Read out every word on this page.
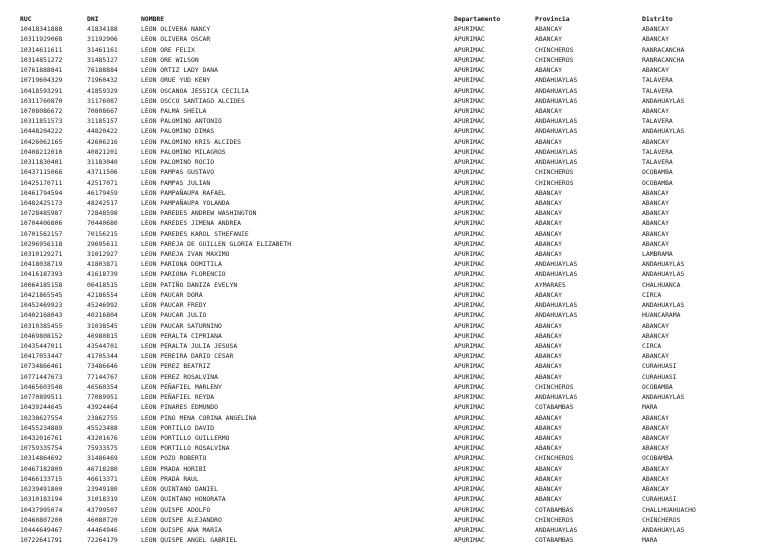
RUC	DNI	NOMBRE	Departamento	Provincia	Distrito
10418341888	41834188	LEON OLIVERA NANCY	APURIMAC	ABANCAY	ABANCAY
10311929068	31192906	LEON OLIVERA OSCAR	APURIMAC	ABANCAY	ABANCAY
10314611611	31461161	LEON ORE FELIX	APURIMAC	CHINCHEROS	RANRACANCHA
10314851272	31485127	LEON ORE WILSON	APURIMAC	CHINCHEROS	RANRACANCHA
10761888841	76188884	LEON ORTIZ LADY DANA	APURIMAC	ABANCAY	ABANCAY
10719604329	71960432	LEON ORUE YUD KENY	APURIMAC	ANDAHUAYLAS	TALAVERA
10418593291	41859329	LEON OSCANOA JESSICA CECILIA	APURIMAC	ANDAHUAYLAS	TALAVERA
10311760870	31176087	LEON OSCCO SANTIAGO ALCIDES	APURIMAC	ANDAHUAYLAS	ANDAHUAYLAS
10708086672	70808667	LEON PALMA SHEILA	APURIMAC	ABANCAY	ABANCAY
10311851573	31185157	LEON PALOMINO ANTONIO	APURIMAC	ANDAHUAYLAS	TALAVERA
10448204222	44820422	LEON PALOMINO DIMAS	APURIMAC	ANDAHUAYLAS	ANDAHUAYLAS
10426062165	42606216	LEON PALOMINO KRIS ALCIDES	APURIMAC	ABANCAY	ABANCAY
10408212010	40821201	LEON PALOMINO MILAGROS	APURIMAC	ANDAHUAYLAS	TALAVERA
10311830401	31183040	LEON PALOMINO ROCIO	APURIMAC	ANDAHUAYLAS	TALAVERA
10437115066	43711506	LEON PAMPAS GUSTAVO	APURIMAC	CHINCHEROS	OCOBAMBA
10425170711	42517071	LEON PAMPAS JULIAN	APURIMAC	CHINCHEROS	OCOBAMBA
10461794594	46179459	LEON PAMPAÑAUPA RAFAEL	APURIMAC	ABANCAY	ABANCAY
10482425173	48242517	LEON PAMPAÑAUPA YOLANDA	APURIMAC	ABANCAY	ABANCAY
10728485987	72848598	LEON PAREDES ANDREW WASHINGTON	APURIMAC	ABANCAY	ABANCAY
10704406806	70440680	LEON PAREDES JIMENA ANDREA	APURIMAC	ABANCAY	ABANCAY
10701562157	70156215	LEON PAREDES KAROL STHEFANIE	APURIMAC	ABANCAY	ABANCAY
10296956118	29695611	LEON PAREJA DE GUILLEN GLORIA ELIZABETH	APURIMAC	ABANCAY	ABANCAY
10310129271	31012927	LEON PAREJA IVAN MAXIMO	APURIMAC	ABANCAY	LAMBRAMA
10418038719	41803871	LEON PARIONA DOMITILA	APURIMAC	ANDAHUAYLAS	ANDAHUAYLAS
10416187393	41618739	LEON PARIONA FLORENCIO	APURIMAC	ANDAHUAYLAS	ANDAHUAYLAS
10064185158	06418515	LEON PATIÑO DANIZA EVELYN	APURIMAC	AYMARAES	CHALHUANCA
10421865545	42186554	LEON PAUCAR DORA	APURIMAC	ABANCAY	CIRCA
10452469923	45246992	LEON PAUCAR FREDY	APURIMAC	ANDAHUAYLAS	ANDAHUAYLAS
10402168043	40216804	LEON PAUCAR JULIO	APURIMAC	ANDAHUAYLAS	HUANCARAMA
10310385455	31038545	LEON PAUCAR SATURNINO	APURIMAC	ABANCAY	ABANCAY
10469808152	46980815	LEON PERALTA CIPRIANA	APURIMAC	ABANCAY	ABANCAY
10435447011	43544701	LEON PERALTA JULIA JESUSA	APURIMAC	ABANCAY	CIRCA
10417053447	41705344	LEON PEREIRA DARIO CESAR	APURIMAC	ABANCAY	ABANCAY
10734866461	73486646	LEON PEREZ BEATRIZ	APURIMAC	ABANCAY	CURAHUASI
10771447673	77144767	LEON PEREZ ROSALVINA	APURIMAC	ABANCAY	CURAHUASI
10465603548	46560354	LEON PEÑAFIEL MARLENY	APURIMAC	CHINCHEROS	OCOBAMBA
10770899511	77089951	LEON PEÑAFIEL REYDA	APURIMAC	ANDAHUAYLAS	ANDAHUAYLAS
10439244645	43924464	LEON PINARES EDMUNDO	APURIMAC	COTABAMBAS	MARA
10238627554	23862755	LEON PINO MENA CORINA ANGELINA	APURIMAC	ABANCAY	ABANCAY
10455234889	45523488	LEON PORTILLO DAVID	APURIMAC	ABANCAY	ABANCAY
10432016761	43201676	LEON PORTILLO GUILLERMO	APURIMAC	ABANCAY	ABANCAY
10759335754	75933575	LEON PORTILLO ROSALVINA	APURIMAC	ABANCAY	ABANCAY
10314864692	31486469	LEON POZO ROBERTO	APURIMAC	CHINCHEROS	OCOBAMBA
10467182809	46718280	LEON PRADA HORIBI	APURIMAC	ABANCAY	ABANCAY
10466133715	46613371	LEON PRADA RAUL	APURIMAC	ABANCAY	ABANCAY
10239491800	23949180	LEON QUINTANO DANIEL	APURIMAC	ABANCAY	ABANCAY
10310183194	31018319	LEON QUINTANO HONORATA	APURIMAC	ABANCAY	CURAHUASI
10437995074	43799507	LEON QUISPE ADOLFO	APURIMAC	COTABAMBAS	CHALLHUAHUACHO
10460807200	46080720	LEON QUISPE ALEJANDRO	APURIMAC	CHINCHEROS	CHINCHEROS
10444649467	44464946	LEON QUISPE ANA MARIA	APURIMAC	ANDAHUAYLAS	ANDAHUAYLAS
10722641791	72264179	LEON QUISPE ANGEL GABRIEL	APURIMAC	COTABAMBAS	MARA
